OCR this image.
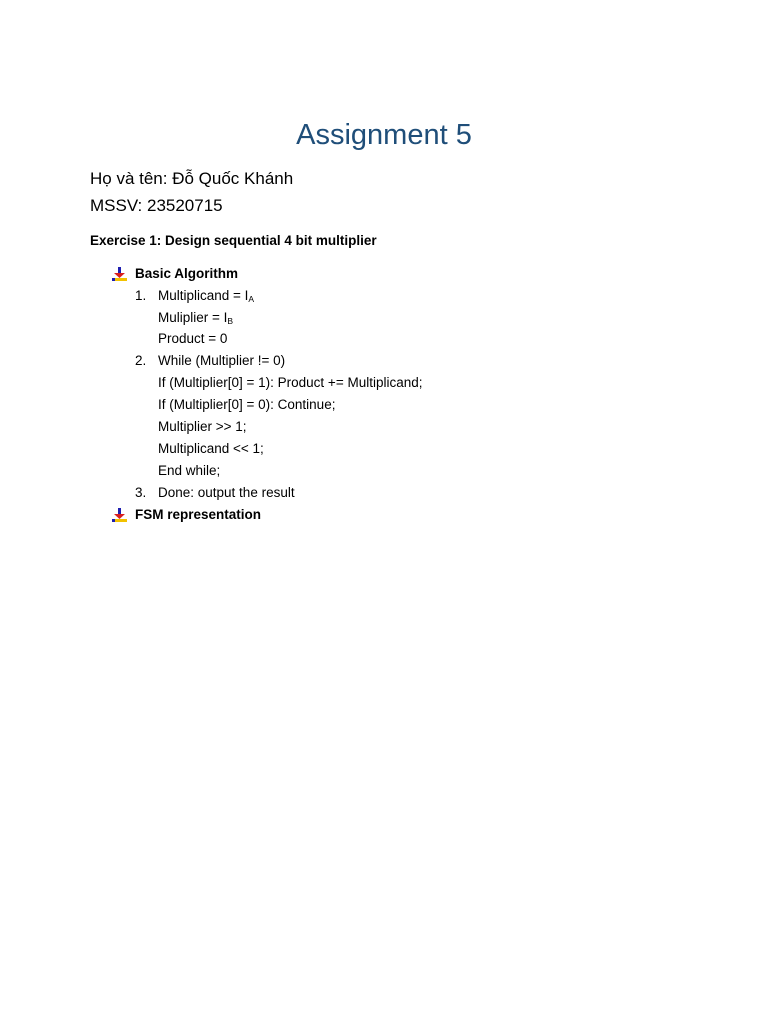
Assignment 5
Họ và tên: Đỗ Quốc Khánh
MSSV: 23520715
Exercise 1: Design sequential 4 bit multiplier
Basic Algorithm
1. Multiplicand = $I_A$
Muliplier = $I_B$
Product = 0
2. While (Multiplier != 0)
If (Multiplier[0] = 1): Product += Multiplicand;
If (Multiplier[0] = 0): Continue;
Multiplier >> 1;
Multiplicand << 1;
End while;
3. Done: output the result
FSM representation
